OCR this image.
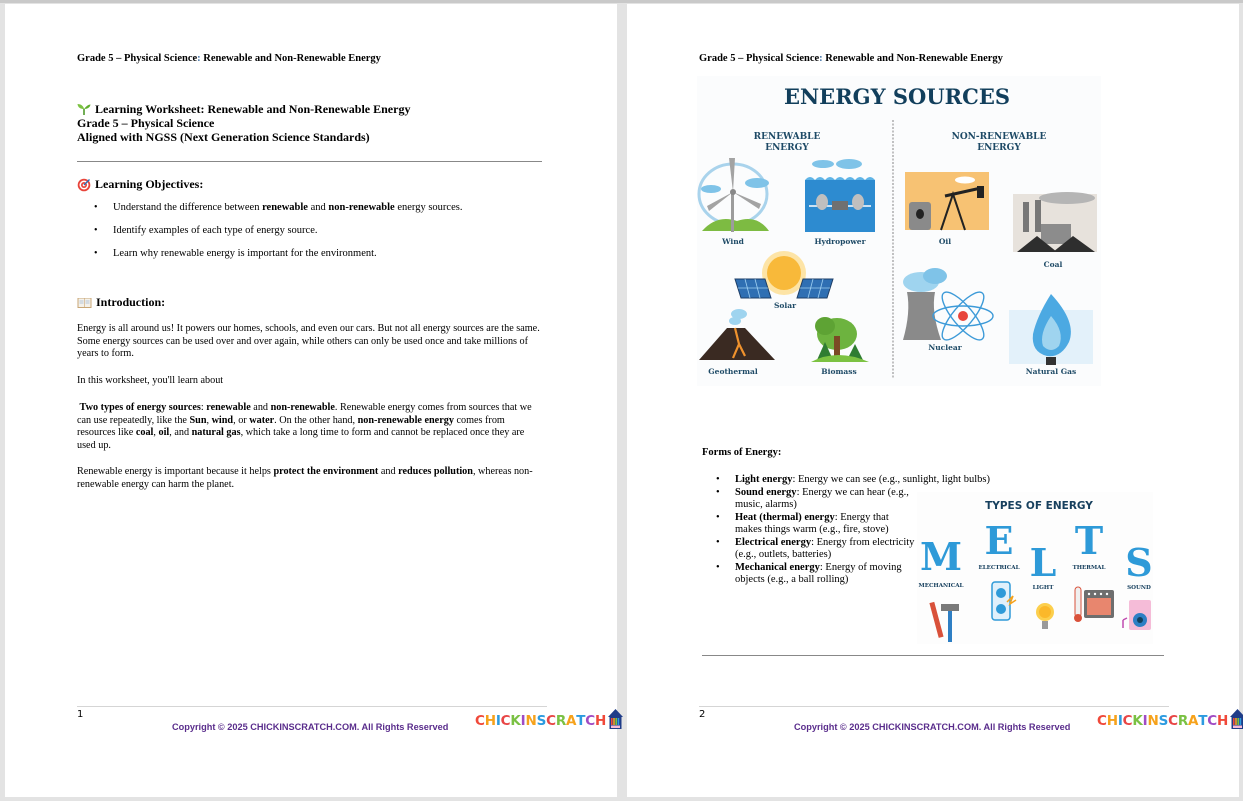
Grade 5 – Physical Science: Renewable and Non-Renewable Energy
Learning Worksheet: Renewable and Non-Renewable Energy
Grade 5 – Physical Science
Aligned with NGSS (Next Generation Science Standards)
Learning Objectives:
• Understand the difference between renewable and non-renewable energy sources.
• Identify examples of each type of energy source.
• Learn why renewable energy is important for the environment.
Introduction:
Energy is all around us! It powers our homes, schools, and even our cars. But not all energy sources are the same. Some energy sources can be used over and over again, while others can only be used once and take millions of years to form.
In this worksheet, you'll learn about
Two types of energy sources: renewable and non-renewable. Renewable energy comes from sources that we can use repeatedly, like the Sun, wind, or water. On the other hand, non-renewable energy comes from resources like coal, oil, and natural gas, which take a long time to form and cannot be replaced once they are used up.
Renewable energy is important because it helps protect the environment and reduces pollution, whereas non-renewable energy can harm the planet.
1
Copyright © 2025 CHICKINSCRATCH.COM. All Rights Reserved CHICKINSCRATCH
Grade 5 – Physical Science: Renewable and Non-Renewable Energy
ENERGY SOURCES
RENEWABLE
ENERGY
NON-RENEWABLE
ENERGY
Wind	Hydropower
Solar
Geothermal	Biomass
Oil
Coal
Nuclear
Natural Gas
Forms of Energy:
• Light energy: Energy we can see (e.g., sunlight, light bulbs)
• Sound energy: Energy we can hear (e.g., music, alarms)
• Heat (thermal) energy: Energy that makes things warm (e.g., fire, stove)
• Electrical energy: Energy from electricity (e.g., outlets, batteries)
• Mechanical energy: Energy of moving objects (e.g., a ball rolling)
TYPES OF ENERGY
M
MECHANICAL
E
ELECTRICAL L
LIGHT
T
THERMAL S
SOUND
2
Copyright © 2025 CHICKINSCRATCH.COM. All Rights Reserved CHICKINSCRATCH
